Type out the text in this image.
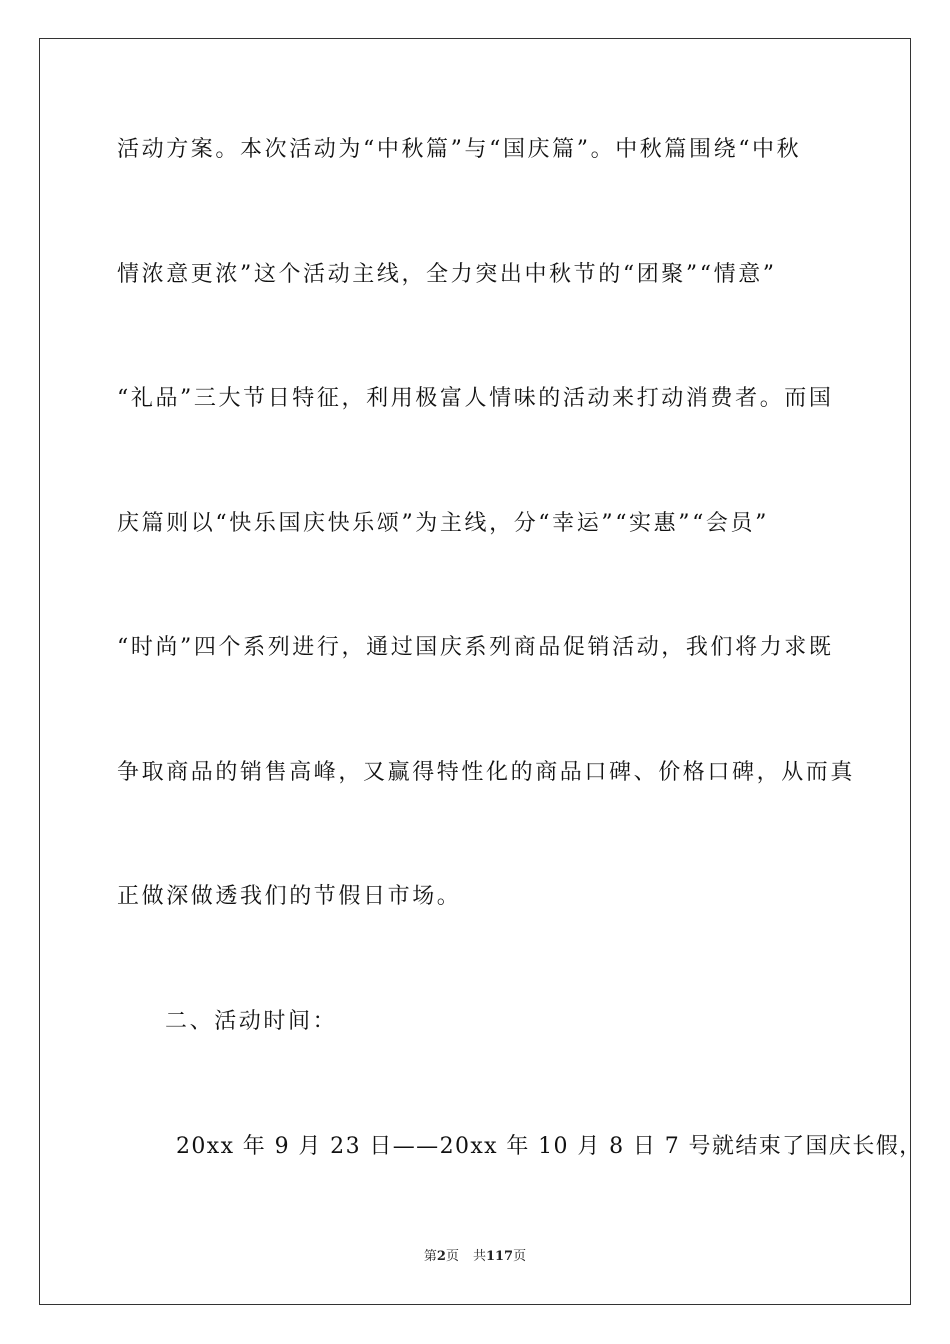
活动方案。本次活动为“中秋篇”与“国庆篇”。中秋篇围绕“中秋
情浓意更浓”这个活动主线，全力突出中秋节的“团聚”“情意”
“礼品”三大节日特征，利用极富人情味的活动来打动消费者。而国
庆篇则以“快乐国庆快乐颂”为主线，分“幸运”“实惠”“会员”
“时尚”四个系列进行，通过国庆系列商品促销活动，我们将力求既
争取商品的销售高峰，又赢得特性化的商品口碑、价格口碑，从而真
正做深做透我们的节假日市场。
二、活动时间：
20xx 年 9 月 23 日——20xx 年 10 月 8 日 7 号就结束了国庆长假，
第2页 共117页
